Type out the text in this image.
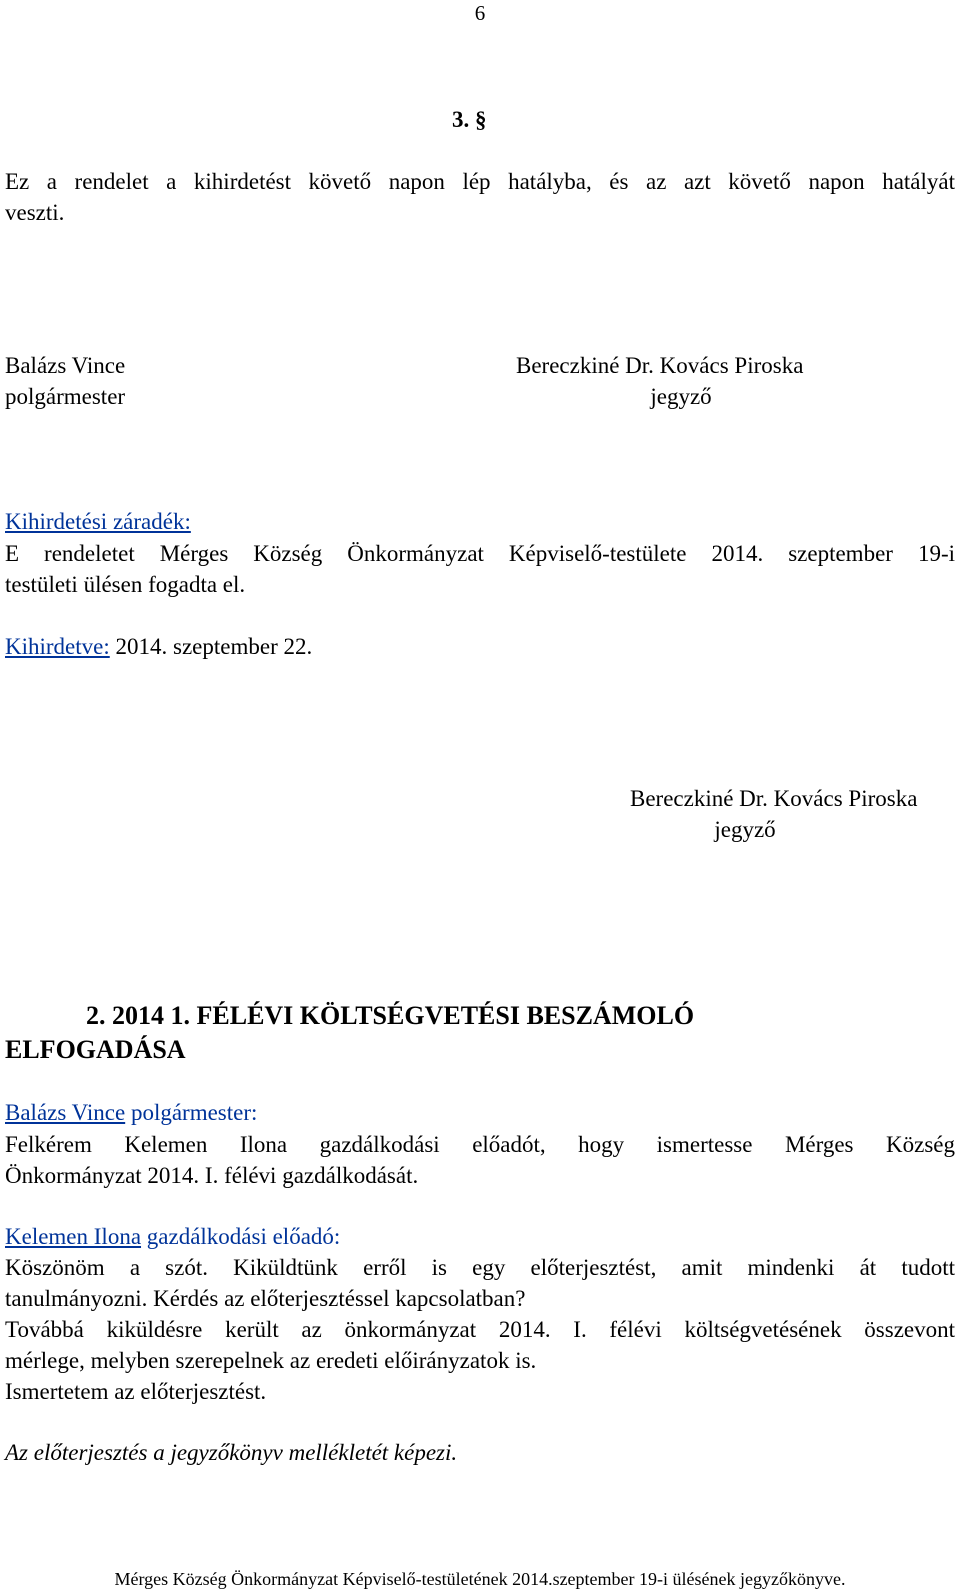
6
3. §
Ez a rendelet a kihirdetést követő napon lép hatályba, és az azt követő napon hatályát
veszti.
Balázs Vince
polgármester
Bereczkiné Dr. Kovács Piroska
jegyző
Kihirdetési záradék:
E rendeletet Mérges Község Önkormányzat Képviselő-testülete 2014. szeptember 19-i
testületi ülésen fogadta el.
Kihirdetve: 2014. szeptember 22.
Bereczkiné Dr. Kovács Piroska
jegyző
2. 2014 1. FÉLÉVI KÖLTSÉGVETÉSI BESZÁMOLÓ
ELFOGADÁSA
Balázs Vince polgármester:
Felkérem Kelemen Ilona gazdálkodási előadót, hogy ismertesse Mérges Község
Önkormányzat 2014. I. félévi gazdálkodását.
Kelemen Ilona gazdálkodási előadó:
Köszönöm a szót. Kiküldtünk erről is egy előterjesztést, amit mindenki át tudott
tanulmányozni. Kérdés az előterjesztéssel kapcsolatban?
Továbbá kiküldésre került az önkormányzat 2014. I. félévi költségvetésének összevont
mérlege, melyben szerepelnek az eredeti előirányzatok is.
Ismertetem az előterjesztést.
Az előterjesztés a jegyzőkönyv mellékletét képezi.
Mérges Község Önkormányzat Képviselő-testületének 2014.szeptember 19-i ülésének jegyzőkönyve.
